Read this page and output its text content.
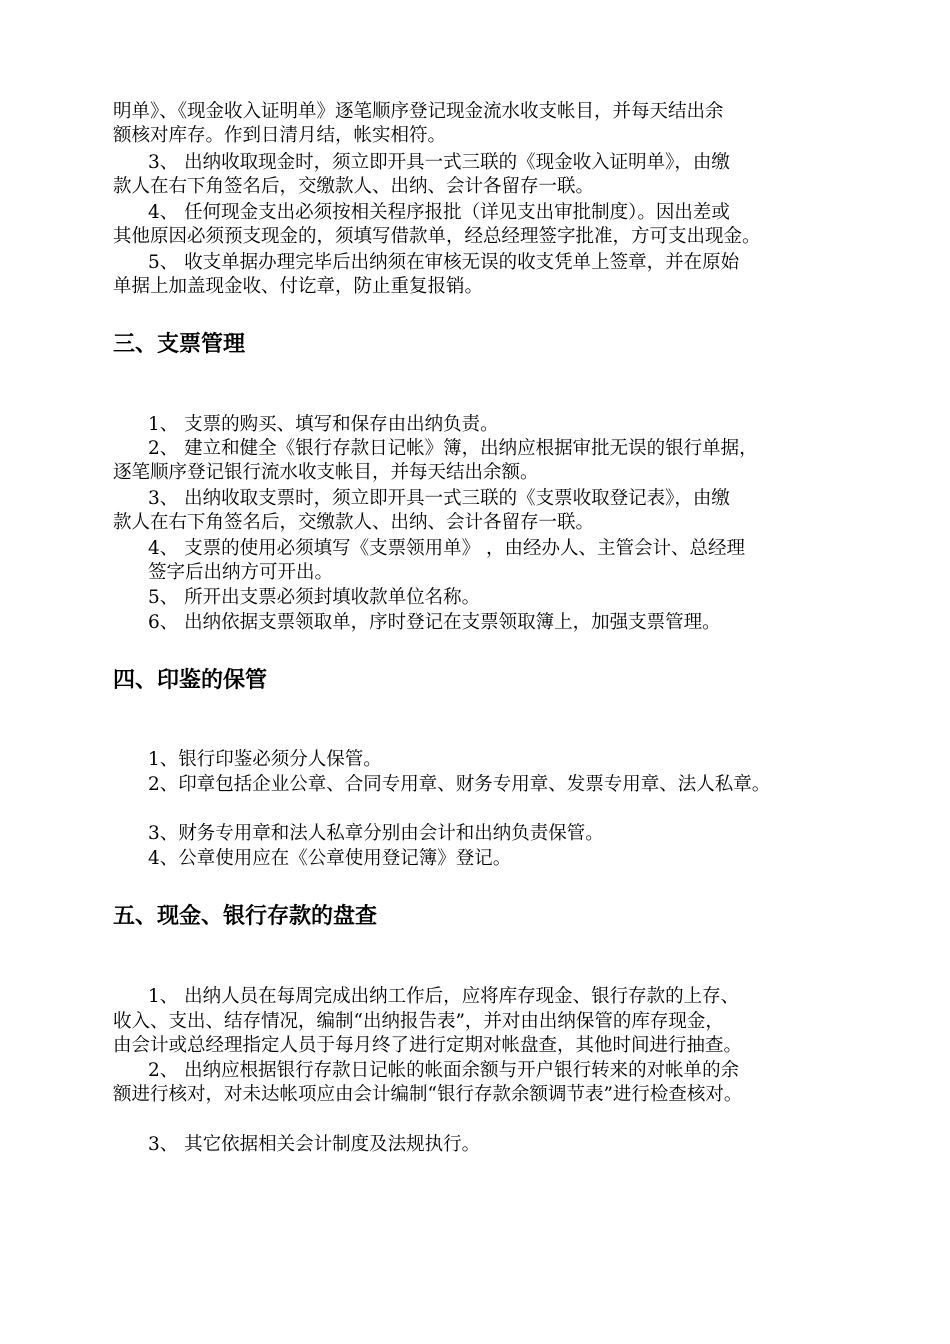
明单》、《现金收入证明单》逐笔顺序登记现金流水收支帐目，并每天结出余
额核对库存。作到日清月结，帐实相符。
3、 出纳收取现金时，须立即开具一式三联的《现金收入证明单》，由缴
款人在右下角签名后，交缴款人、出纳、会计各留存一联。
4、 任何现金支出必须按相关程序报批（详见支出审批制度）。因出差或
其他原因必须预支现金的，须填写借款单，经总经理签字批准，方可支出现金。
5、 收支单据办理完毕后出纳须在审核无误的收支凭单上签章，并在原始
单据上加盖现金收、付讫章，防止重复报销。
三、支票管理
1、 支票的购买、填写和保存由出纳负责。
2、 建立和健全《银行存款日记帐》簿，出纳应根据审批无误的银行单据，
逐笔顺序登记银行流水收支帐目，并每天结出余额。
3、 出纳收取支票时，须立即开具一式三联的《支票收取登记表》，由缴
款人在右下角签名后，交缴款人、出纳、会计各留存一联。
4、 支票的使用必须填写《支票领用单》 ，由经办人、主管会计、总经理
签字后出纳方可开出。
5、 所开出支票必须封填收款单位名称。
6、 出纳依据支票领取单，序时登记在支票领取簿上，加强支票管理。
四、印鉴的保管
1、银行印鉴必须分人保管。
2、印章包括企业公章、合同专用章、财务专用章、发票专用章、法人私章。
3、财务专用章和法人私章分别由会计和出纳负责保管。
4、公章使用应在《公章使用登记簿》登记。
五、现金、银行存款的盘查
1、 出纳人员在每周完成出纳工作后，应将库存现金、银行存款的上存、
收入、支出、结存情况，编制“出纳报告表”，并对由出纳保管的库存现金，
由会计或总经理指定人员于每月终了进行定期对帐盘查，其他时间进行抽查。
2、 出纳应根据银行存款日记帐的帐面余额与开户银行转来的对帐单的余
额进行核对，对未达帐项应由会计编制“银行存款余额调节表”进行检查核对。
3、 其它依据相关会计制度及法规执行。
